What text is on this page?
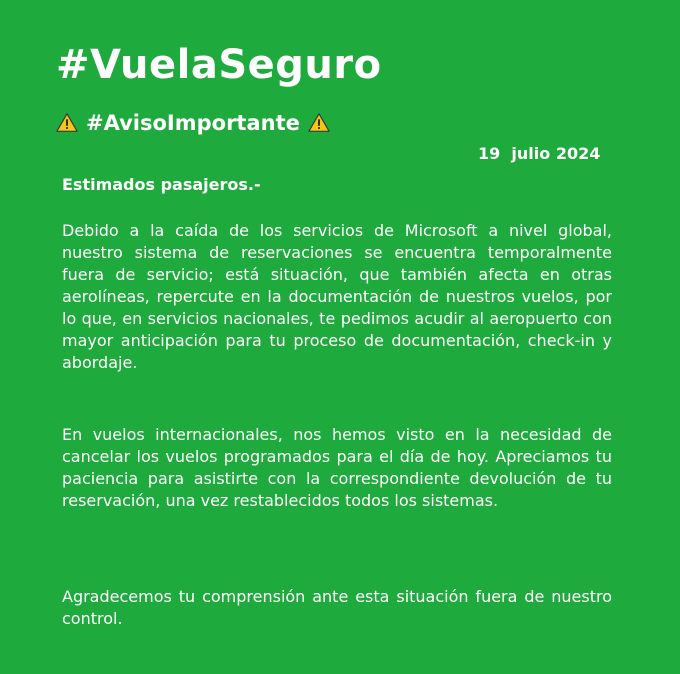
#VuelaSeguro
#AvisoImportante
19  julio 2024
Estimados pasajeros.-

Debido a la caída de los servicios de Microsoft a nivel global, nuestro sistema de reservaciones se encuentra temporalmente fuera de servicio; está situación, que también afecta en otras aerolíneas, repercute en la documentación de nuestros vuelos, por lo que, en servicios nacionales, te pedimos acudir al aeropuerto con mayor anticipación para tu proceso de documentación, check-in y abordaje.

En vuelos internacionales, nos hemos visto en la necesidad de cancelar los vuelos programados para el día de hoy. Apreciamos tu paciencia para asistirte con la correspondiente devolución de tu reservación, una vez restablecidos todos los sistemas.

Agradecemos tu comprensión ante esta situación fuera de nuestro control.
